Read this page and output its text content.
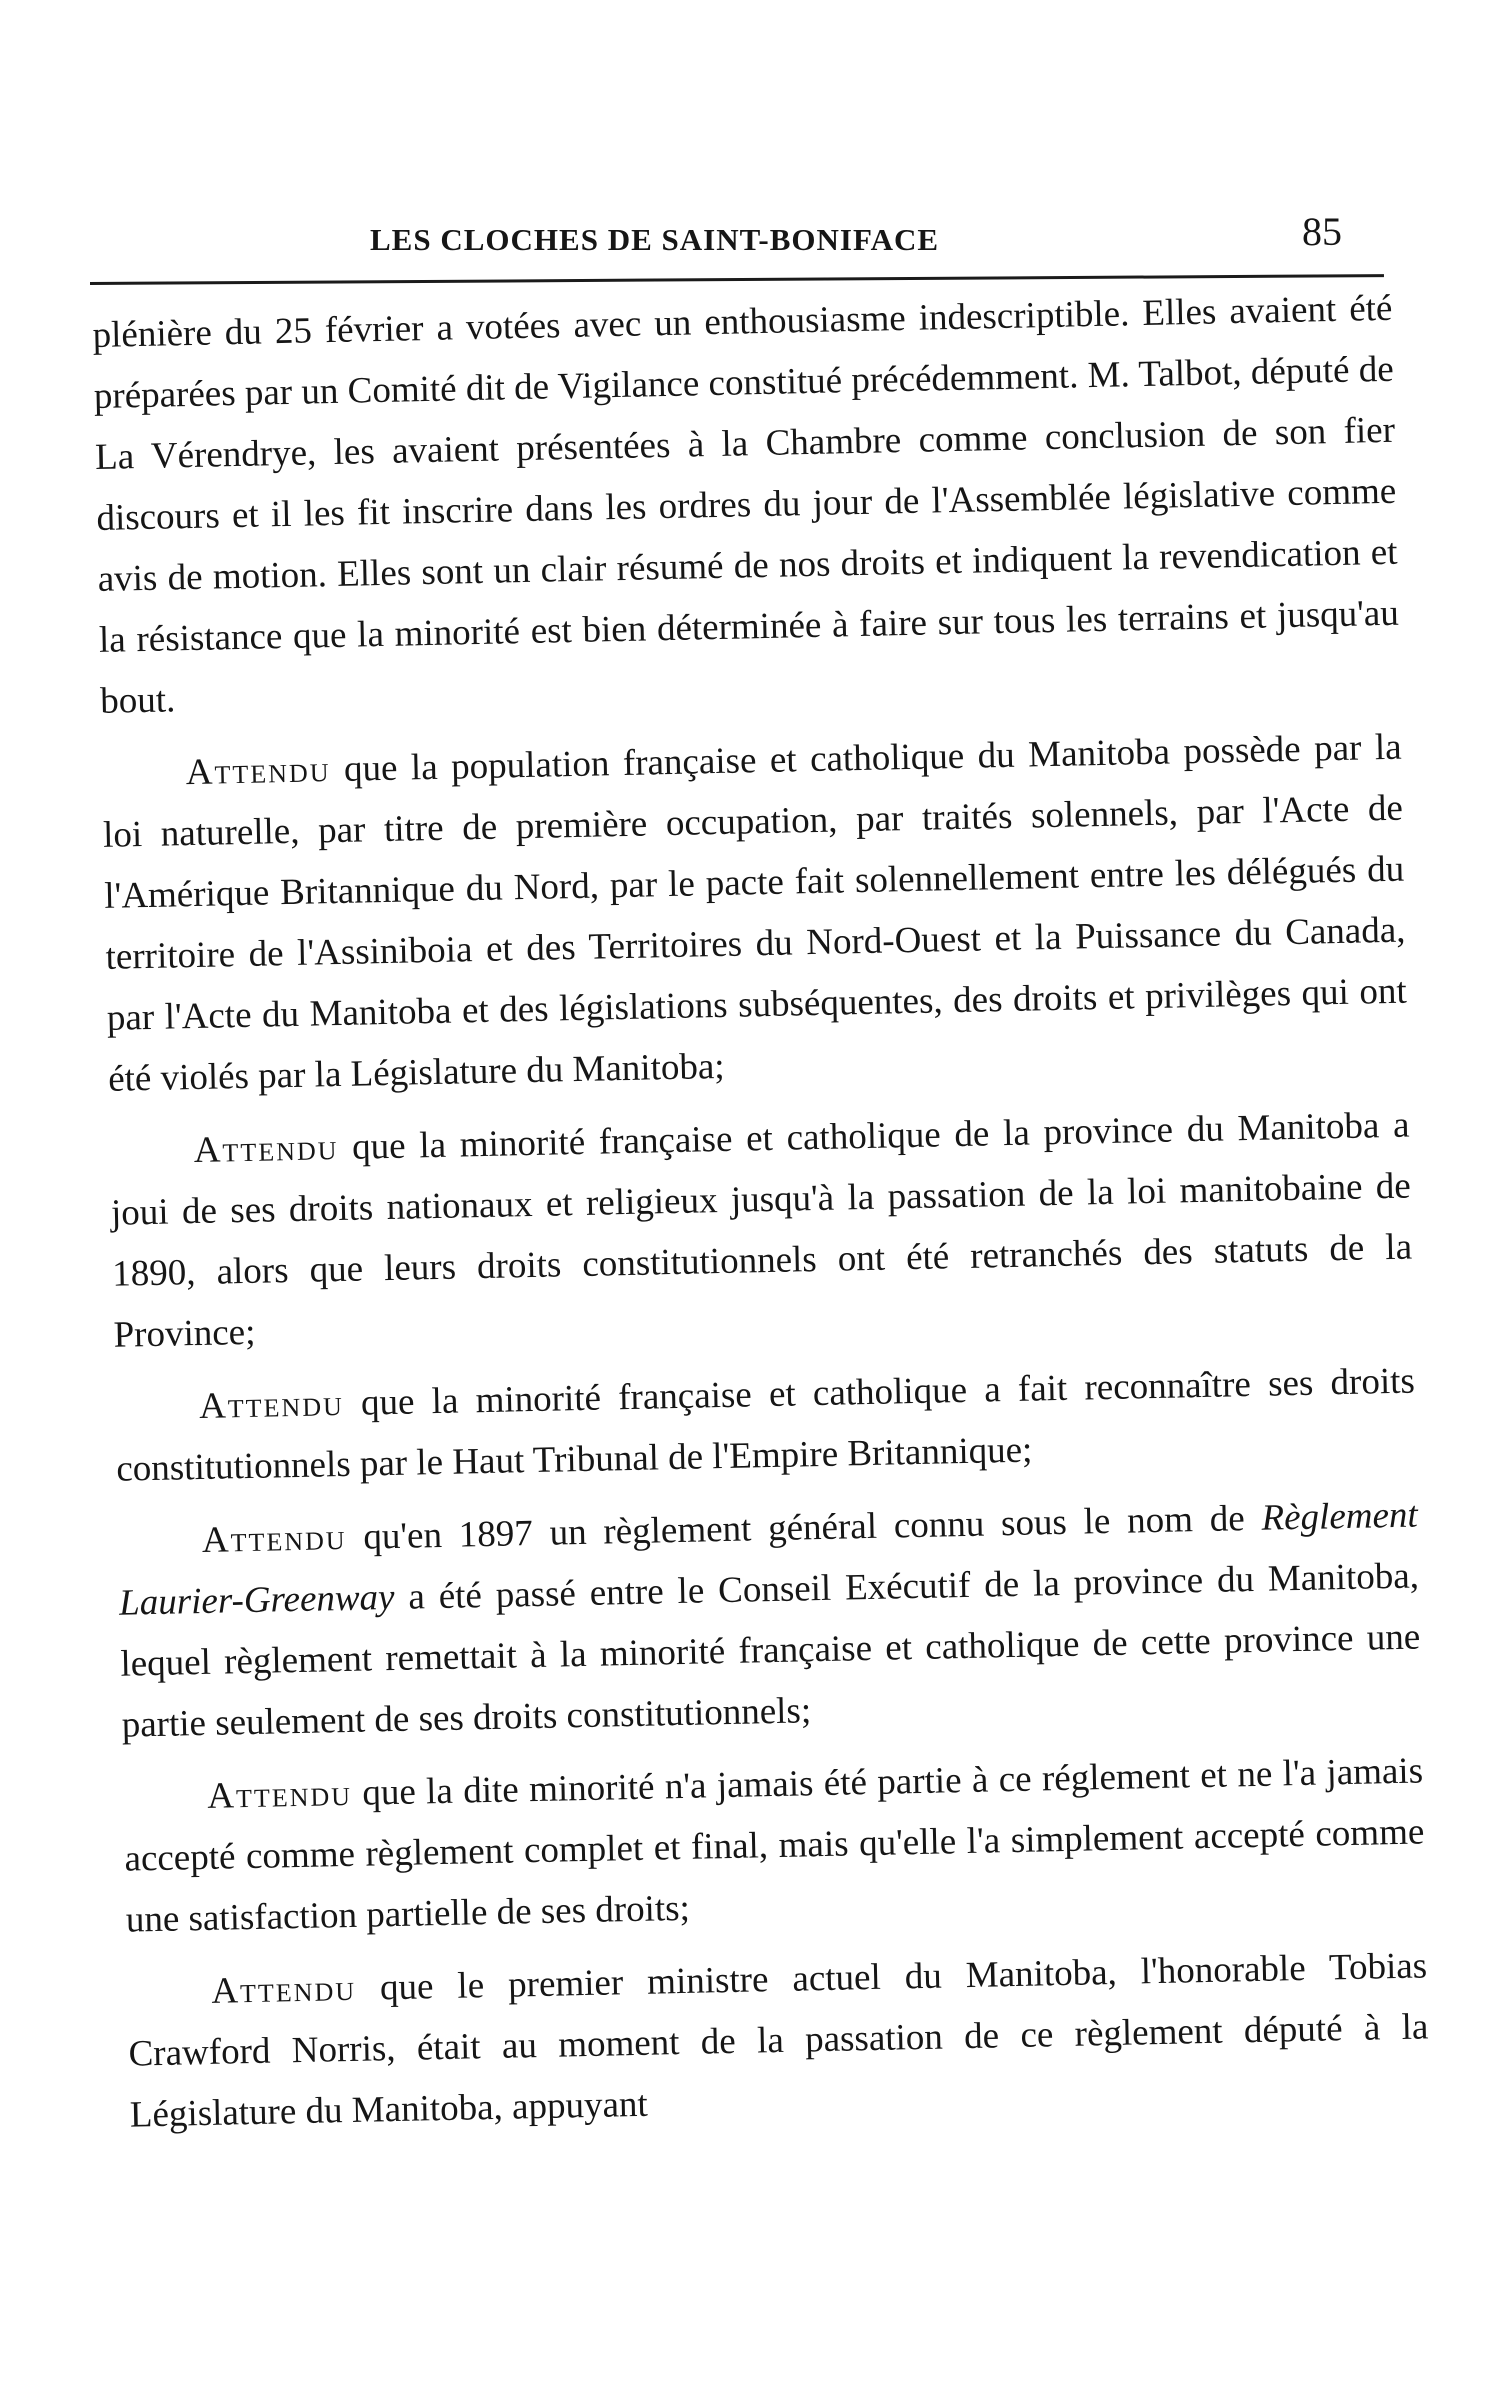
LES CLOCHES DE SAINT-BONIFACE	85

plénière du 25 février a votées avec un enthousiasme indescriptible. Elles avaient été préparées par un Comité dit de Vigilance constitué précédemment. M. Talbot, député de La Vérendrye, les avaient présentées à la Chambre comme conclusion de son fier discours et il les fit inscrire dans les ordres du jour de l'Assemblée législative comme avis de motion. Elles sont un clair résumé de nos droits et indiquent la revendication et la résistance que la minorité est bien déterminée à faire sur tous les terrains et jusqu'au bout.

Attendu que la population française et catholique du Manitoba possède par la loi naturelle, par titre de première occupation, par traités solennels, par l'Acte de l'Amérique Britannique du Nord, par le pacte fait solennellement entre les délégués du territoire de l'Assiniboia et des Territoires du Nord-Ouest et la Puissance du Canada, par l'Acte du Manitoba et des législations subséquentes, des droits et privilèges qui ont été violés par la Législature du Manitoba;

Attendu que la minorité française et catholique de la province du Manitoba a joui de ses droits nationaux et religieux jusqu'à la passation de la loi manitobaine de 1890, alors que leurs droits constitutionnels ont été retranchés des statuts de la Province;

Attendu que la minorité française et catholique a fait reconnaître ses droits constitutionnels par le Haut Tribunal de l'Empire Britannique;

Attendu qu'en 1897 un règlement général connu sous le nom de Règlement Laurier-Greenway a été passé entre le Conseil Exécutif de la province du Manitoba, lequel règlement remettait à la minorité française et catholique de cette province une partie seulement de ses droits constitutionnels;

Attendu que la dite minorité n'a jamais été partie à ce réglement et ne l'a jamais accepté comme règlement complet et final, mais qu'elle l'a simplement accepté comme une satisfaction partielle de ses droits;

Attendu que le premier ministre actuel du Manitoba, l'honorable Tobias Crawford Norris, était au moment de la passation de ce règlement député à la Législature du Manitoba, appuyant
